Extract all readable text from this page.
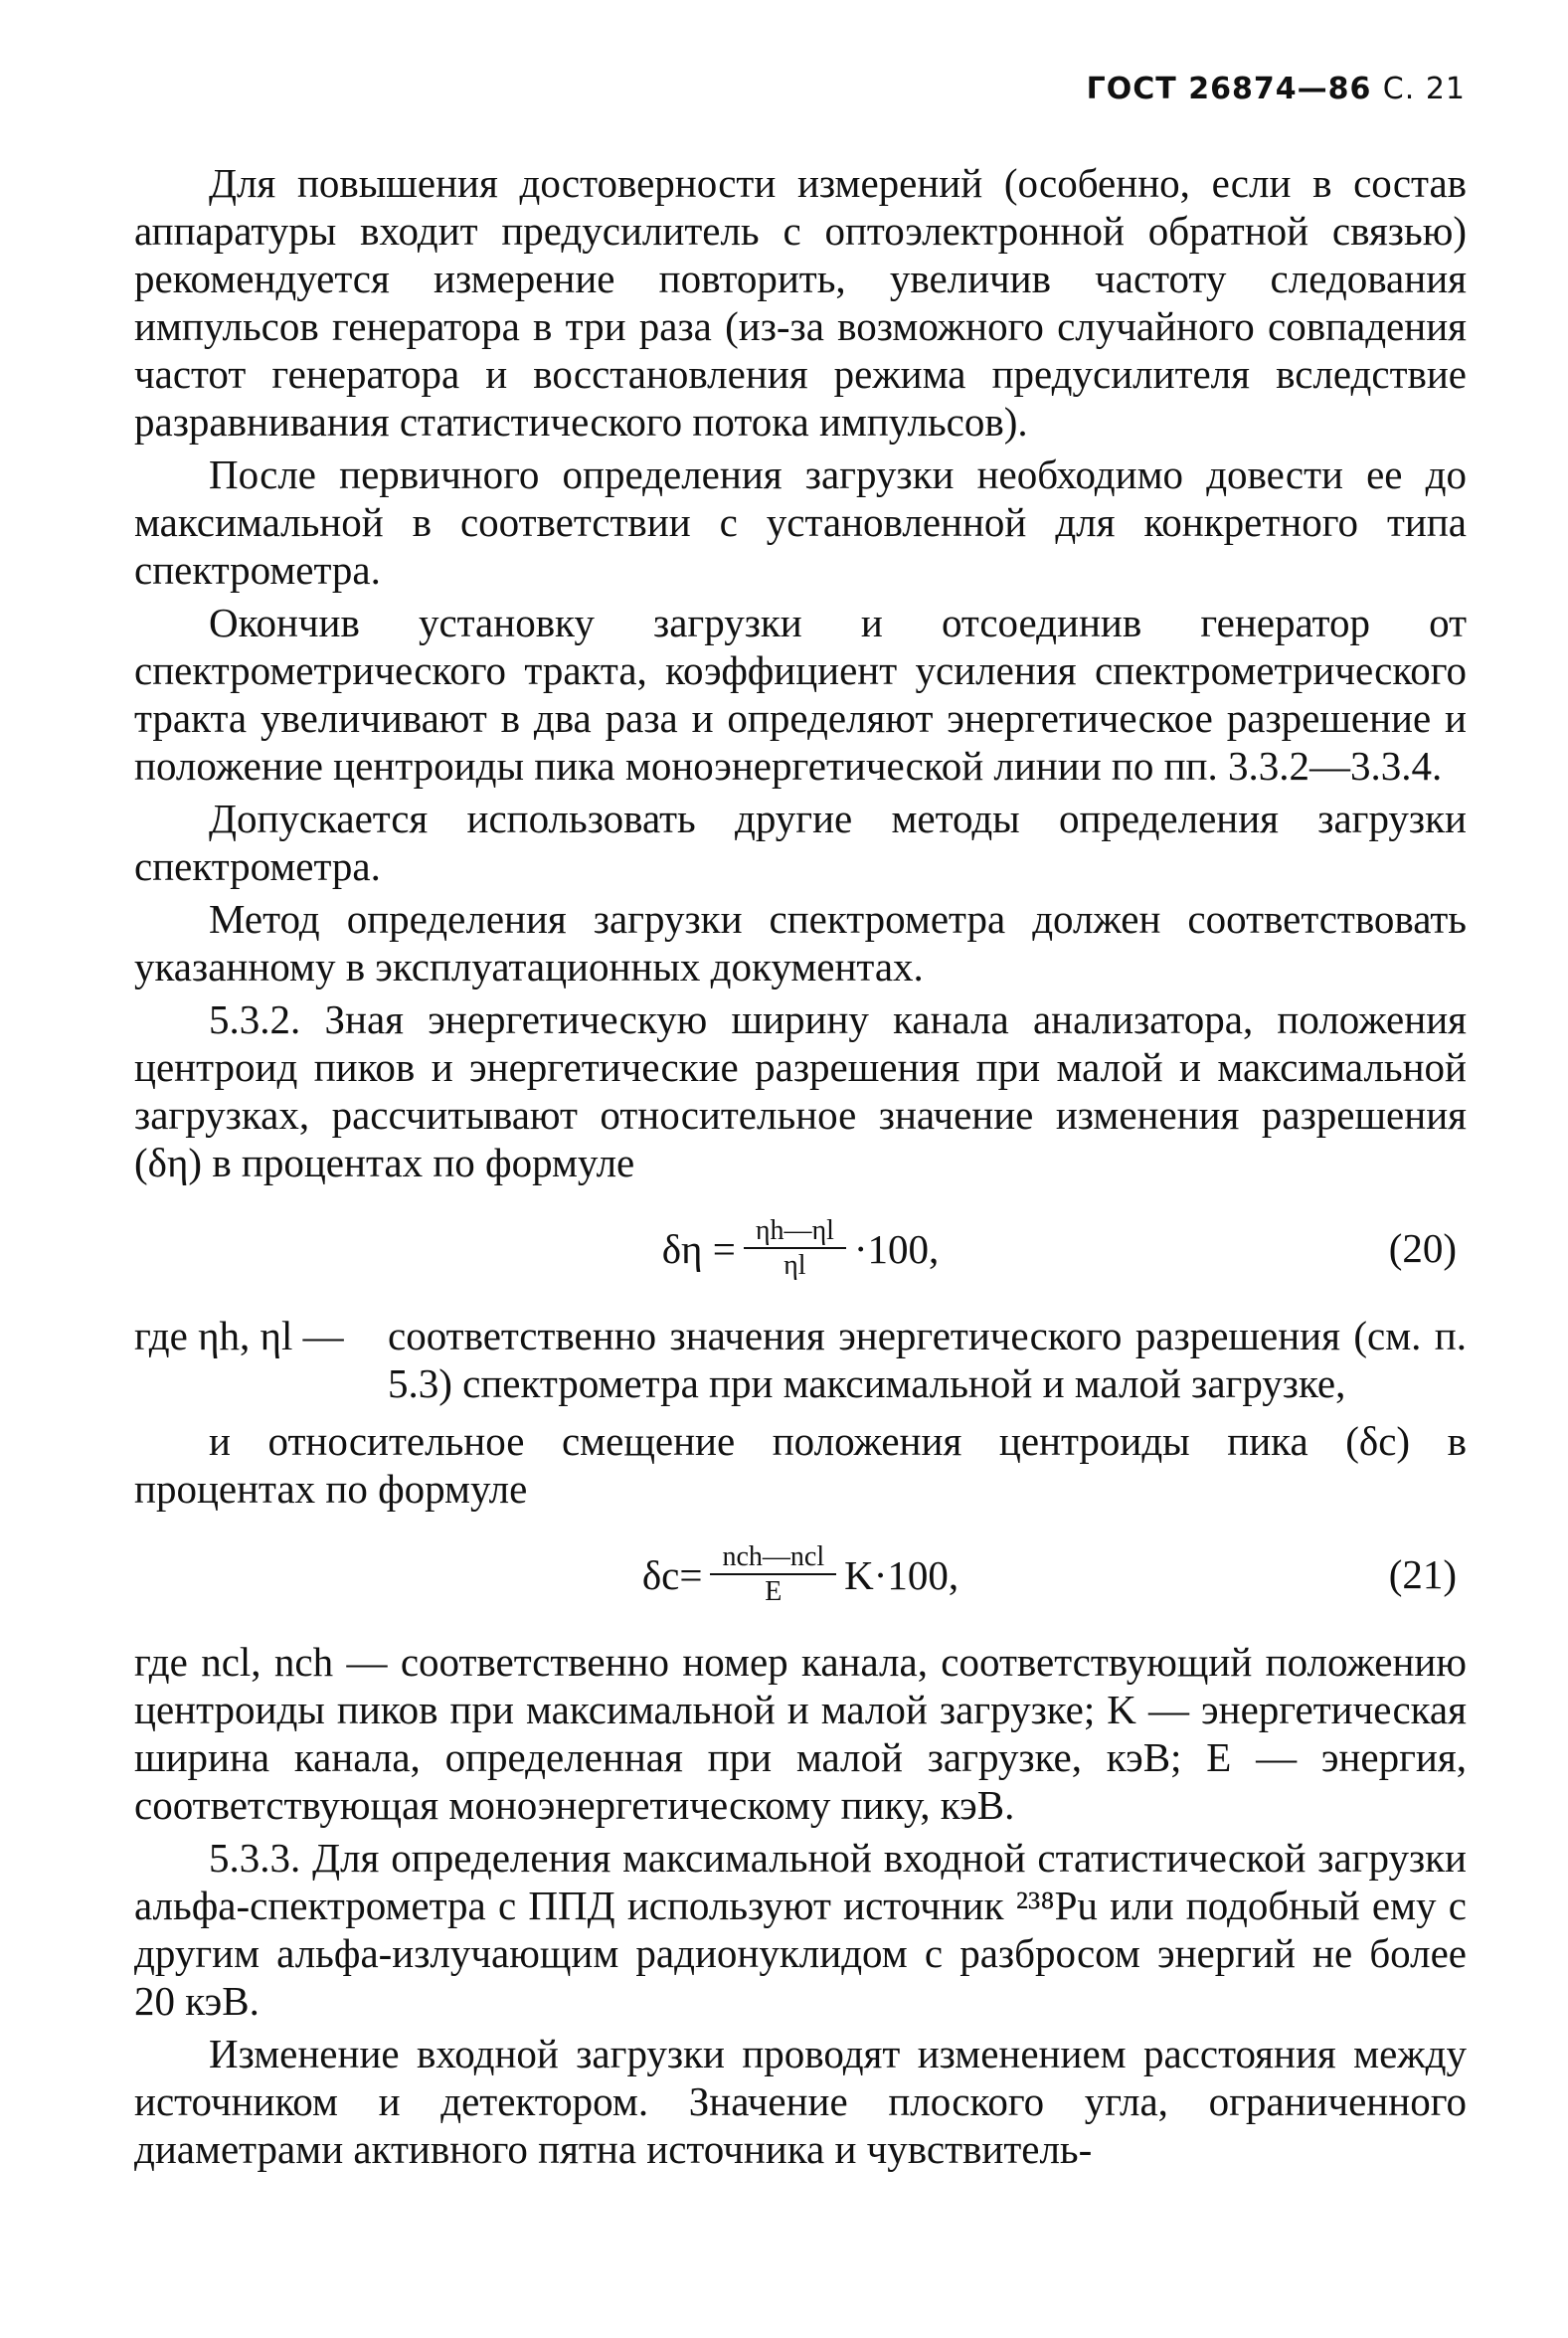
ГОСТ 26874—86 С. 21

Для повышения достоверности измерений (особенно, если в состав аппаратуры входит предусилитель с оптоэлектронной обратной связью) рекомендуется измерение повторить, увеличив частоту следования импульсов генератора в три раза (из-за возможного случайного совпадения частот генератора и восстановления режима предусилителя вследствие разравнивания статистического потока импульсов).

После первичного определения загрузки необходимо довести ее до максимальной в соответствии с установленной для конкретного типа спектрометра.

Окончив установку загрузки и отсоединив генератор от спектрометрического тракта, коэффициент усиления спектрометрического тракта увеличивают в два раза и определяют энергетическое разрешение и положение центроиды пика моноэнергетической линии по пп. 3.3.2—3.3.4.

Допускается использовать другие методы определения загрузки спектрометра.

Метод определения загрузки спектрометра должен соответствовать указанному в эксплуатационных документах.

5.3.2. Зная энергетическую ширину канала анализатора, положения центроид пиков и энергетические разрешения при малой и максимальной загрузках, рассчитывают относительное значение изменения разрешения (δη) в процентах по формуле

$\delta\eta = \frac{\eta h—\eta l}{\eta l} \cdot 100$,	(20)
где ηh, ηl —	соответственно значения энергетического разрешения (см. п. 5.3) спектрометра при максимальной и малой загрузке,

и относительное смещение положения центроиды пика (δc) в процентах по формуле

$\delta c= \frac{\text{nch—ncl}}{E} K\cdot 100$,	(21)

где nсl, nсh — соответственно номер канала, соответствующий положению центроиды пиков при максимальной и малой загрузке; K — энергетическая ширина канала, определенная при малой загрузке, кэВ; E — энергия, соответствующая моноэнергетическому пику, кэВ.

5.3.3. Для определения максимальной входной статистической загрузки альфа-спектрометра с ППД используют источник ²³⁸Pu или подобный ему с другим альфа-излучающим радионуклидом с разбросом энергий не более 20 кэВ.

Изменение входной загрузки проводят изменением расстояния между источником и детектором. Значение плоского угла, ограниченного диаметрами активного пятна источника и чувствитель-
